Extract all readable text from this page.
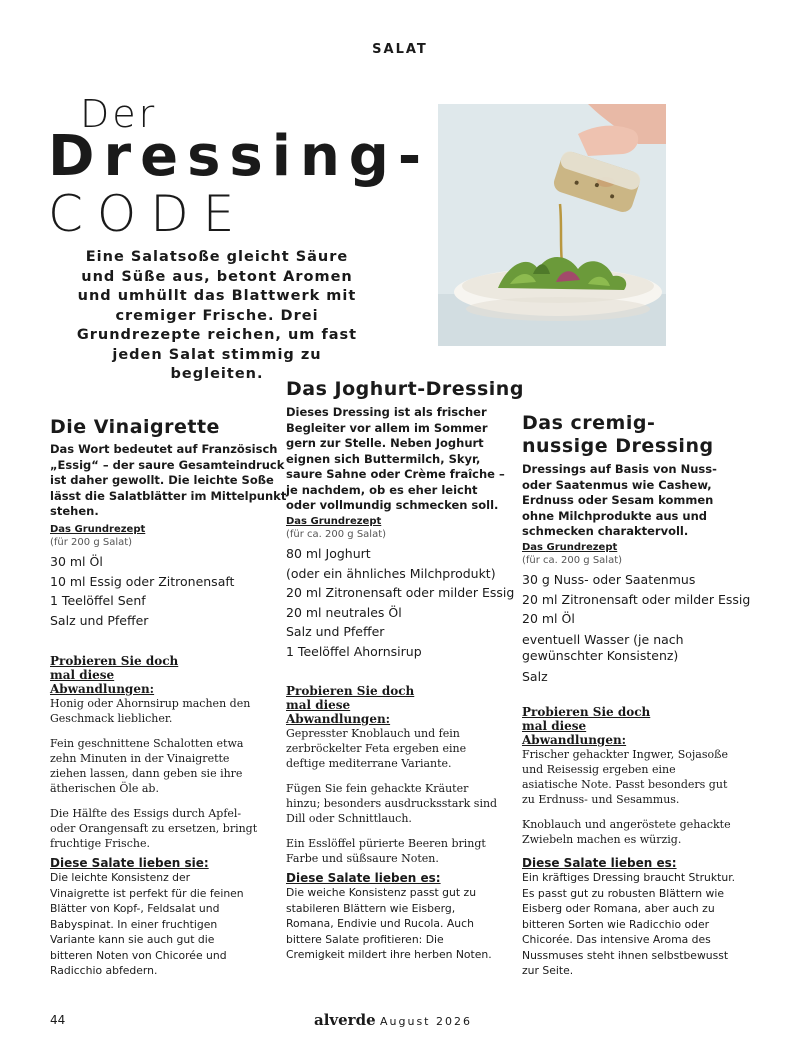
SALAT
Der
Dressing-
CODE
Eine Salatsoße gleicht Säure und Süße aus, betont Aromen und umhüllt das Blattwerk mit cremiger Frische. Drei Grundrezepte reichen, um fast jeden Salat stimmig zu begleiten.
Die Vinaigrette
Das Wort bedeutet auf Französisch „Essig“ – der saure Gesamteindruck ist daher gewollt. Die leichte Soße lässt die Salatblätter im Mittelpunkt stehen.
Das Grundrezept
(für 200 g Salat)
30 ml Öl
10 ml Essig oder Zitronensaft
1 Teelöffel Senf
Salz und Pfeffer
Probieren Sie doch mal diese Abwandlungen:

Honig oder Ahornsirup machen den Geschmack lieblicher.

Fein geschnittene Schalotten etwa zehn Minuten in der Vinaigrette ziehen lassen, dann geben sie ihre ätherischen Öle ab.

Die Hälfte des Essigs durch Apfel- oder Orangensaft zu ersetzen, bringt fruchtige Frische.

Diese Salate lieben sie:
Die leichte Konsistenz der Vinaigrette ist perfekt für die feinen Blätter von Kopf-, Feldsalat und Babyspinat. In einer fruchtigen Variante kann sie auch gut die bitteren Noten von Chicorée und Radicchio abfedern.
Das Joghurt-Dressing
Dieses Dressing ist als frischer Begleiter vor allem im Sommer gern zur Stelle. Neben Joghurt eignen sich Buttermilch, Skyr, saure Sahne oder Crème fraîche – je nachdem, ob es eher leicht oder vollmundig schmecken soll.
Das Grundrezept
(für ca. 200 g Salat)
80 ml Joghurt
(oder ein ähnliches Milchprodukt)
20 ml Zitronensaft oder milder Essig
20 ml neutrales Öl
Salz und Pfeffer
1 Teelöffel Ahornsirup
Probieren Sie doch mal diese Abwandlungen:

Gepresster Knoblauch und fein zerbröckelter Feta ergeben eine deftige mediterrane Variante.

Fügen Sie fein gehackte Kräuter hinzu; besonders ausdrucksstark sind Dill oder Schnittlauch.

Ein Esslöffel pürierte Beeren bringt Farbe und süßsaure Noten.

Diese Salate lieben es:
Die weiche Konsistenz passt gut zu stabileren Blättern wie Eisberg, Romana, Endivie und Rucola. Auch bittere Salate profitieren: Die Cremigkeit mildert ihre herben Noten.
Das cremig-nussige Dressing
Dressings auf Basis von Nuss- oder Saatenmus wie Cashew, Erdnuss oder Sesam kommen ohne Milchprodukte aus und schmecken charaktervoll.
Das Grundrezept
(für ca. 200 g Salat)
30 g Nuss- oder Saatenmus
20 ml Zitronensaft oder milder Essig
20 ml Öl
eventuell Wasser (je nach gewünschter Konsistenz)
Salz
Probieren Sie doch mal diese Abwandlungen:

Frischer gehackter Ingwer, Sojasoße und Reisessig ergeben eine asiatische Note. Passt besonders gut zu Erdnuss- und Sesammus.

Knoblauch und angeröstete gehackte Zwiebeln machen es würzig.

Diese Salate lieben es:
Ein kräftiges Dressing braucht Struktur. Es passt gut zu robusten Blättern wie Eisberg oder Romana, aber auch zu bitteren Sorten wie Radicchio oder Chicorée. Das intensive Aroma des Nussmuses steht ihnen selbstbewusst zur Seite.
44	alverde August 2026
